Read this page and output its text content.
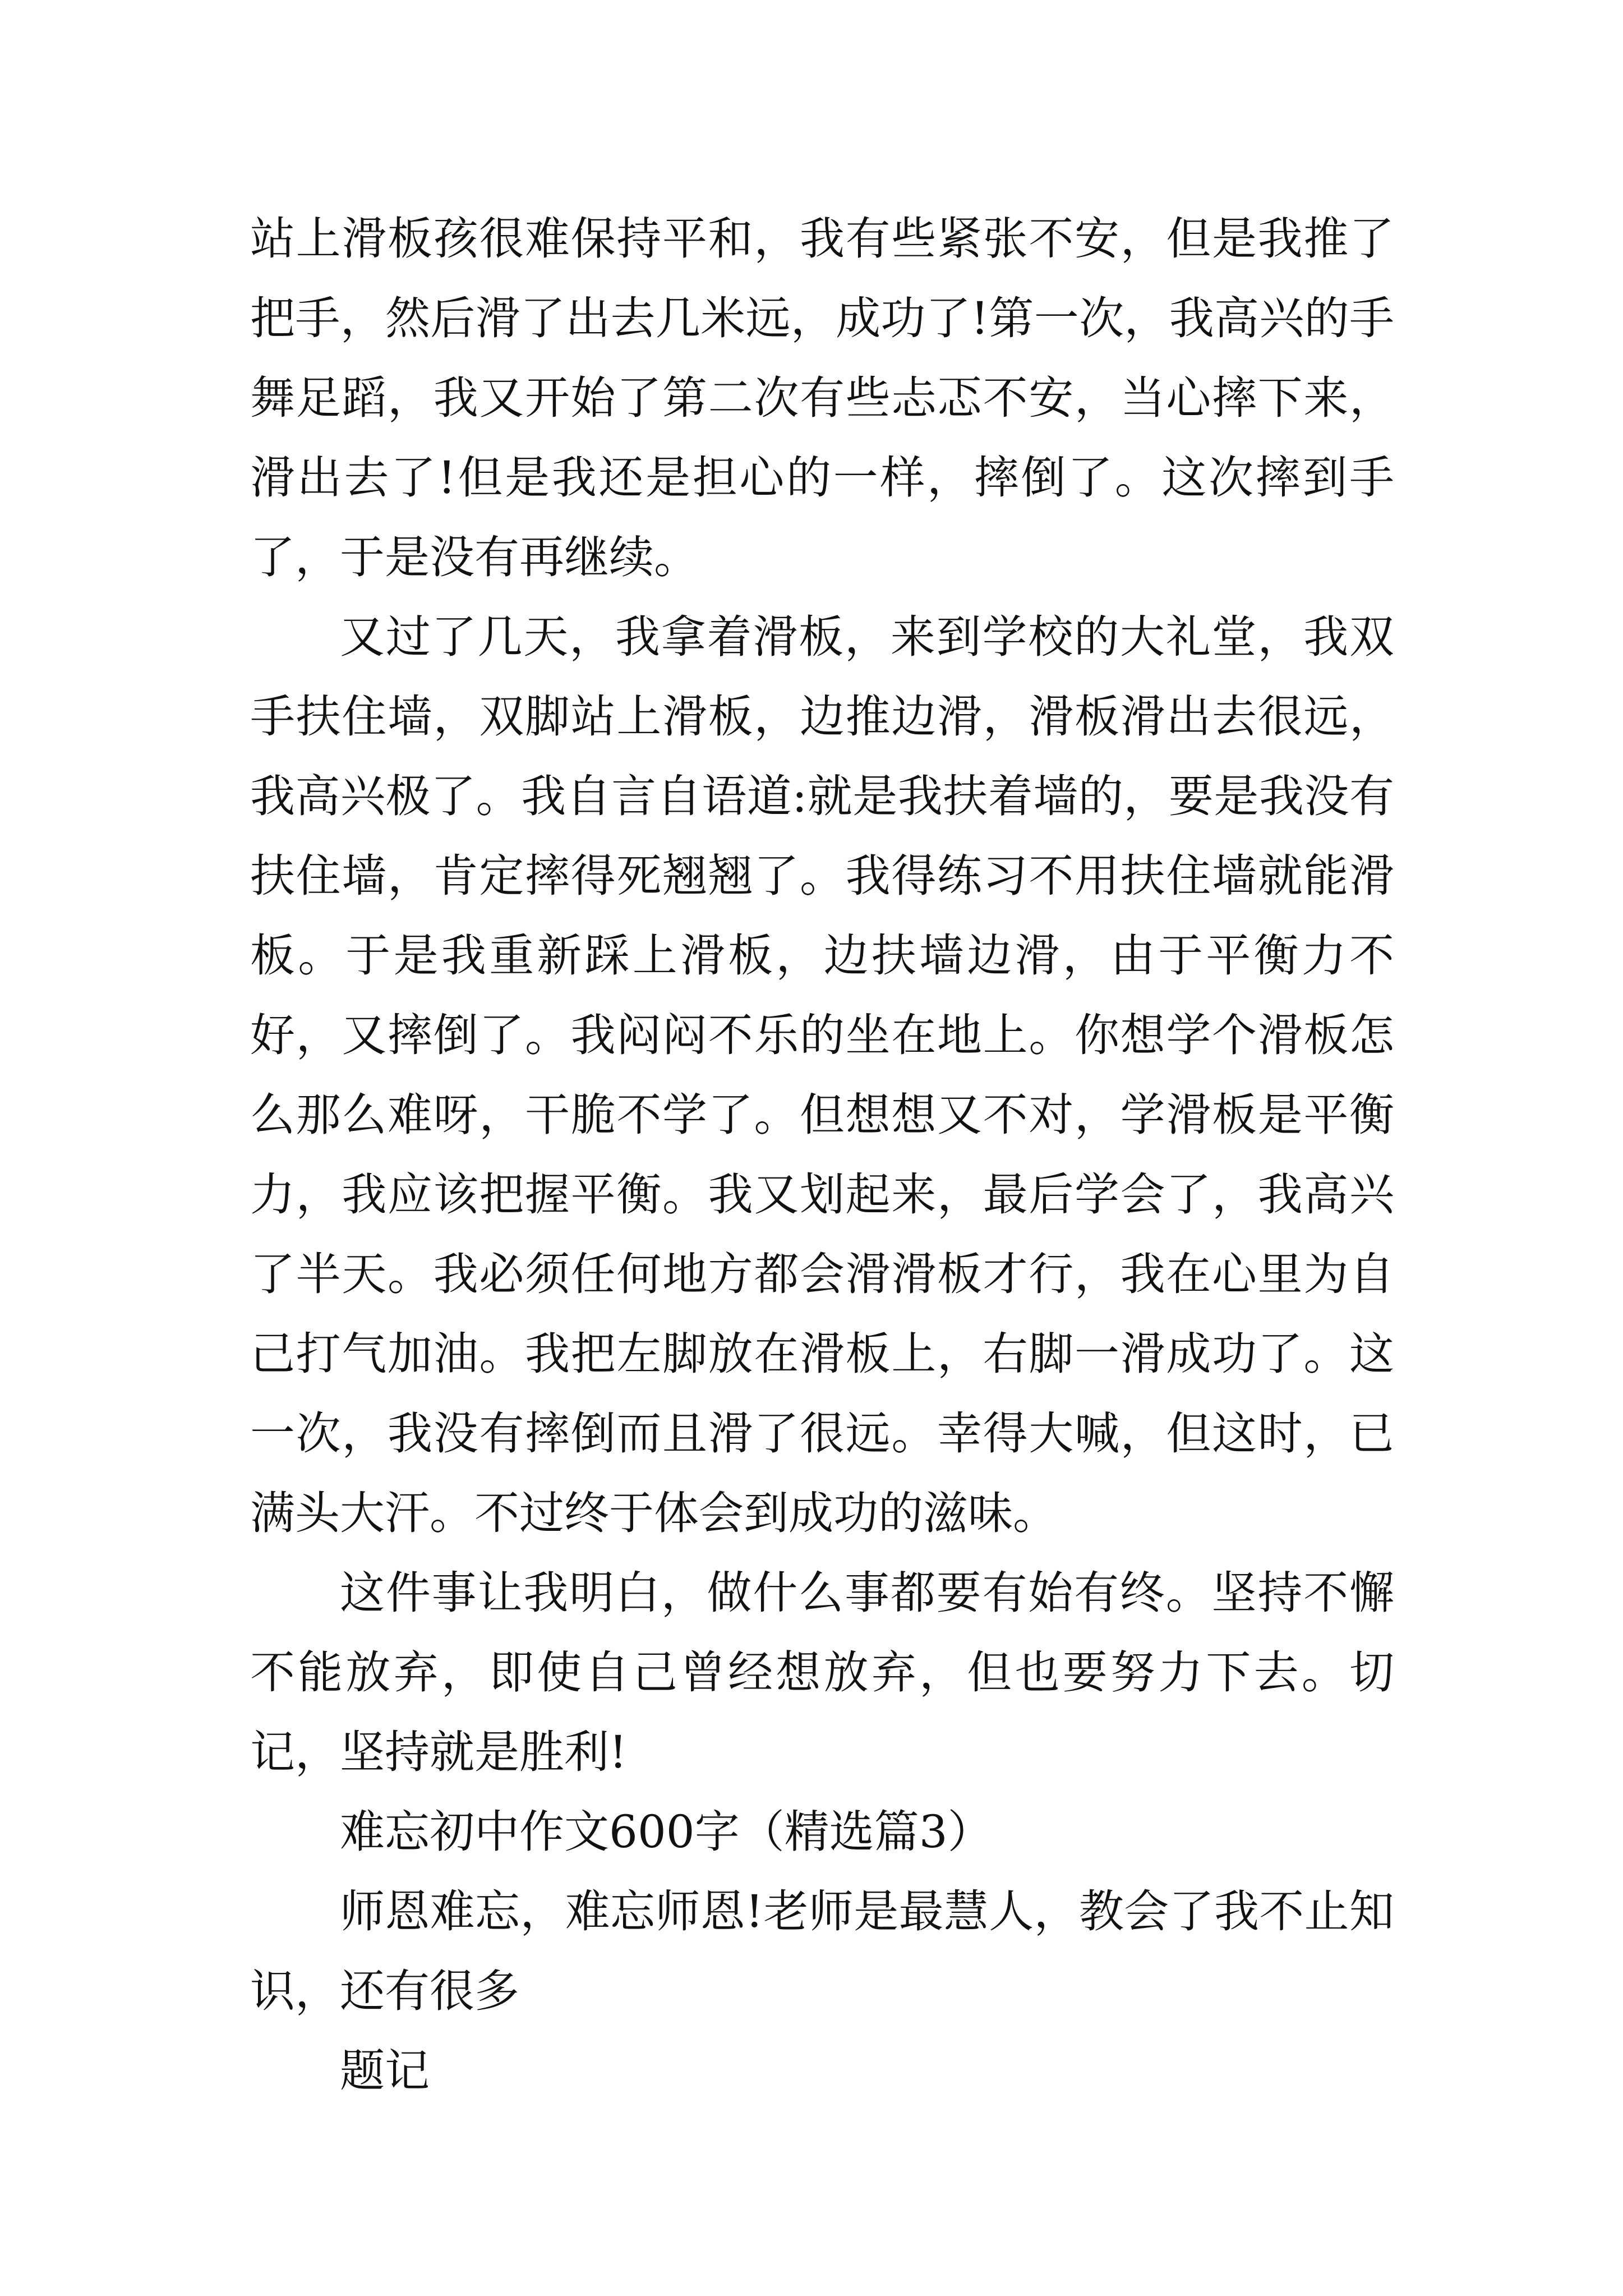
站上滑板孩很难保持平和，我有些紧张不安，但是我推了把手，然后滑了出去几米远，成功了!第一次，我高兴的手舞足蹈，我又开始了第二次有些忐忑不安，当心摔下来，滑出去了!但是我还是担心的一样，摔倒了。这次摔到手了，于是没有再继续。

又过了几天，我拿着滑板，来到学校的大礼堂，我双手扶住墙，双脚站上滑板，边推边滑，滑板滑出去很远，我高兴极了。我自言自语道:就是我扶着墙的，要是我没有扶住墙，肯定摔得死翘翘了。我得练习不用扶住墙就能滑板。于是我重新踩上滑板，边扶墙边滑，由于平衡力不好，又摔倒了。我闷闷不乐的坐在地上。你想学个滑板怎么那么难呀，干脆不学了。但想想又不对，学滑板是平衡力，我应该把握平衡。我又划起来，最后学会了，我高兴了半天。我必须任何地方都会滑滑板才行，我在心里为自己打气加油。我把左脚放在滑板上，右脚一滑成功了。这一次，我没有摔倒而且滑了很远。幸得大喊，但这时，已满头大汗。不过终于体会到成功的滋味。

这件事让我明白，做什么事都要有始有终。坚持不懈不能放弃，即使自己曾经想放弃，但也要努力下去。切记，坚持就是胜利!

难忘初中作文600字（精选篇3）

师恩难忘，难忘师恩!老师是最慧人，教会了我不止知识，还有很多

题记
